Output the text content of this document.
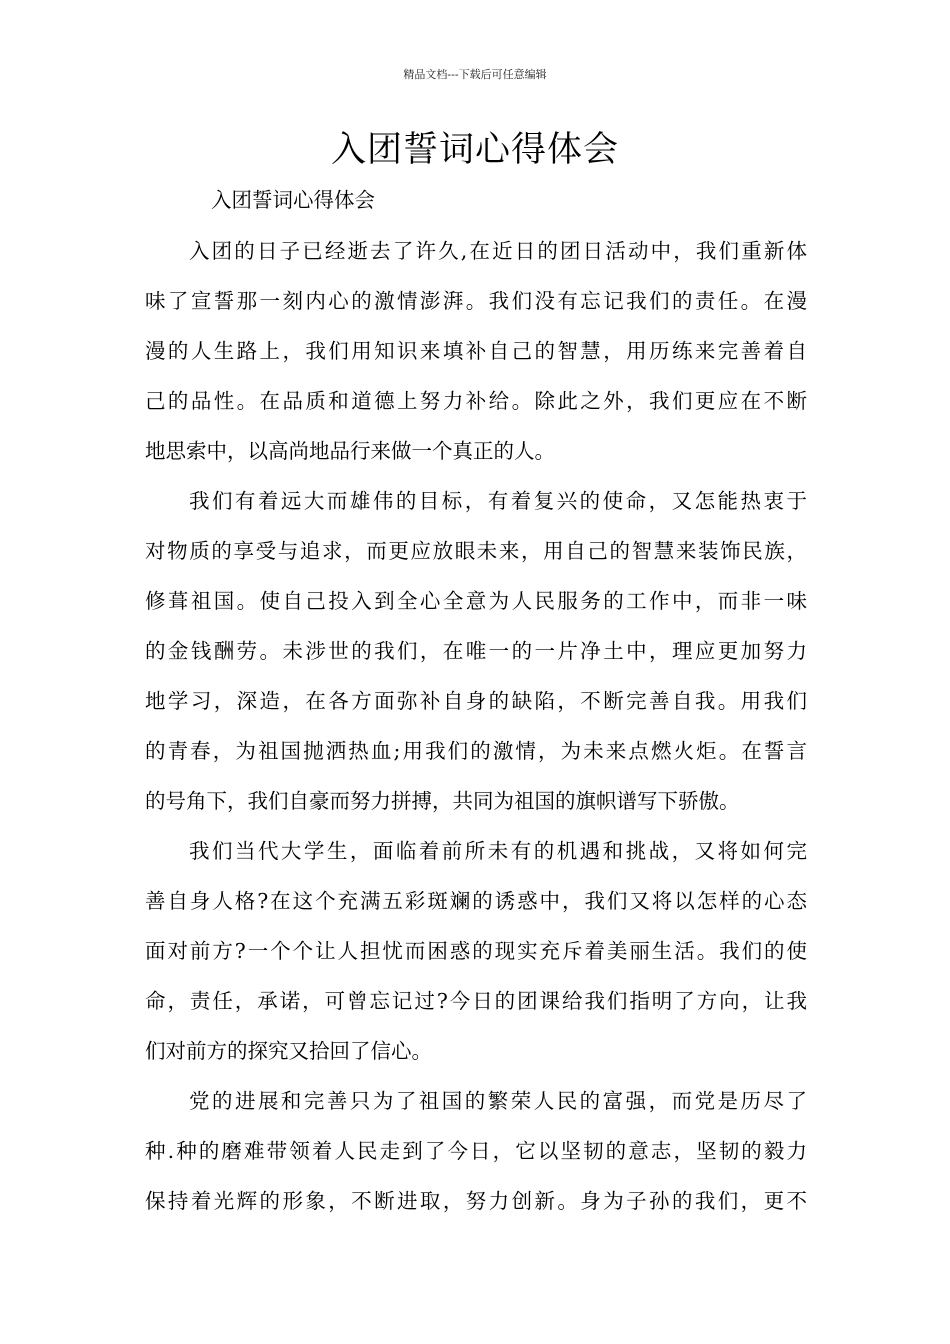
精品文档---下载后可任意编辑
入团誓词心得体会

入团誓词心得体会

入团的日子已经逝去了许久,在近日的团日活动中，我们重新体
味了宣誓那一刻内心的激情澎湃。我们没有忘记我们的责任。在漫
漫的人生路上，我们用知识来填补自己的智慧，用历练来完善着自
己的品性。在品质和道德上努力补给。除此之外，我们更应在不断
地思索中，以高尚地品行来做一个真正的人。
我们有着远大而雄伟的目标，有着复兴的使命，又怎能热衷于
对物质的享受与追求，而更应放眼未来，用自己的智慧来装饰民族，
修葺祖国。使自己投入到全心全意为人民服务的工作中，而非一味
的金钱酬劳。未涉世的我们，在唯一的一片净土中，理应更加努力
地学习，深造，在各方面弥补自身的缺陷，不断完善自我。用我们
的青春，为祖国抛洒热血;用我们的激情，为未来点燃火炬。在誓言
的号角下，我们自豪而努力拼搏，共同为祖国的旗帜谱写下骄傲。
我们当代大学生，面临着前所未有的机遇和挑战，又将如何完
善自身人格?在这个充满五彩斑斓的诱惑中，我们又将以怎样的心态
面对前方?一个个让人担忧而困惑的现实充斥着美丽生活。我们的使
命，责任，承诺，可曾忘记过?今日的团课给我们指明了方向，让我
们对前方的探究又拾回了信心。
党的进展和完善只为了祖国的繁荣人民的富强，而党是历尽了
种.种的磨难带领着人民走到了今日，它以坚韧的意志，坚韧的毅力
保持着光辉的形象，不断进取，努力创新。身为子孙的我们，更不
